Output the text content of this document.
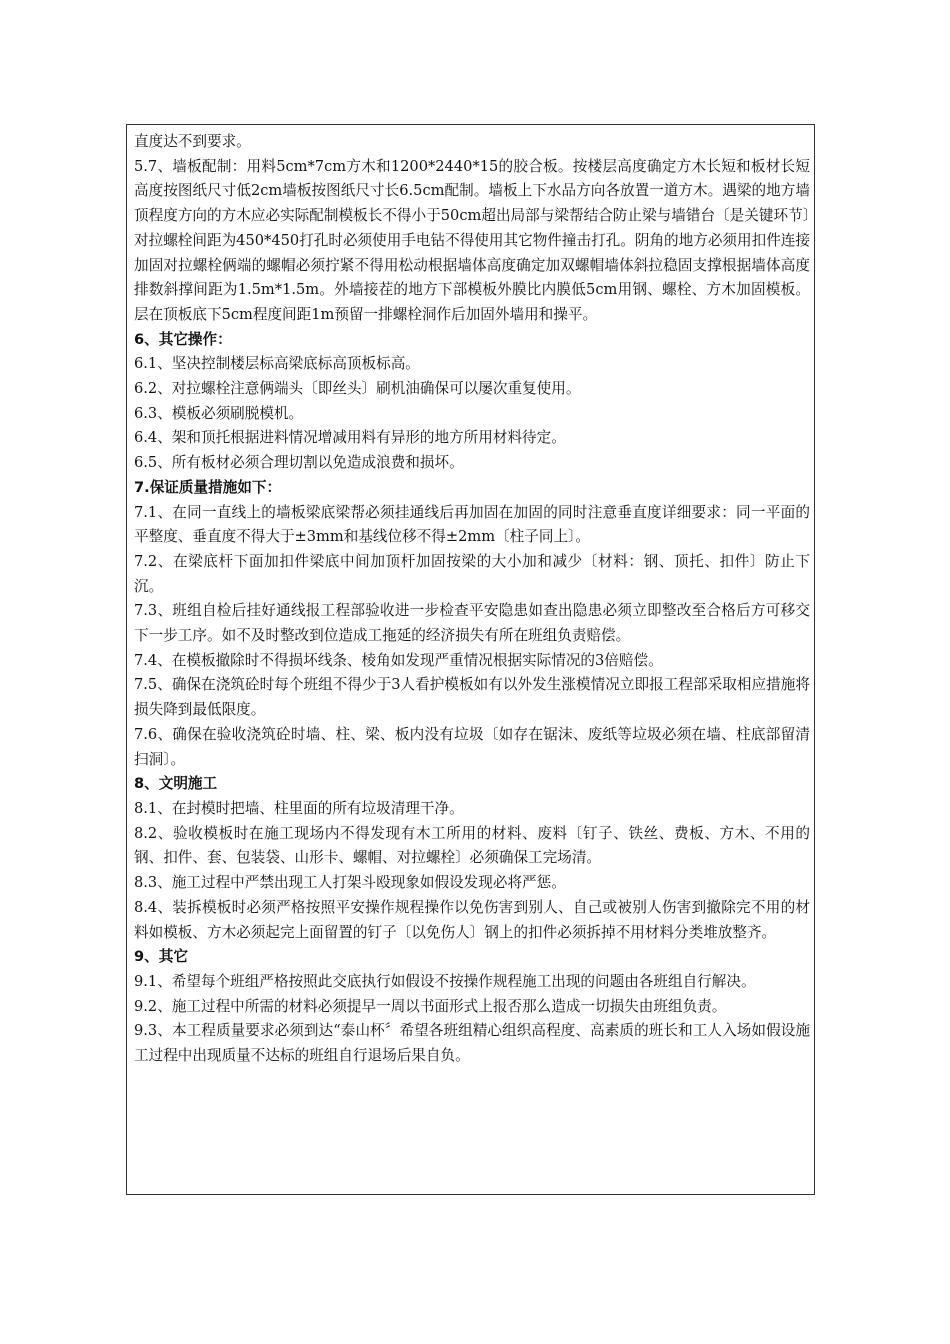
直度达不到要求。

5.7、墙板配制：用料5cm*7cm方木和1200*2440*15的胶合板。按楼层高度确定方木长短和板材长短高度按图纸尺寸低2cm墙板按图纸尺寸长6.5cm配制。墙板上下水品方向各放置一道方木。遇梁的地方墙顶程度方向的方木应必实际配制模板长不得小于50cm超出局部与梁帮结合防止梁与墙错台〔是关键环节〕对拉螺栓间距为450*450打孔时必须使用手电钻不得使用其它物件撞击打孔。阴角的地方必须用扣件连接加固对拉螺栓俩端的螺帽必须拧紧不得用松动根据墙体高度确定加双螺帽墙体斜拉稳固支撑根据墙体高度排数斜撑间距为1.5m*1.5m。外墙接茬的地方下部模板外膜比内膜低5cm用钢、螺栓、方木加固模板。层在顶板底下5cm程度间距1m预留一排螺栓洞作后加固外墙用和操平。

6、其它操作：

6.1、坚决控制楼层标高梁底标高顶板标高。

6.2、对拉螺栓注意俩端头〔即丝头〕刷机油确保可以屡次重复使用。

6.3、模板必须刷脱模机。

6.4、架和顶托根据进料情况增减用料有异形的地方所用材料待定。

6.5、所有板材必须合理切割以免造成浪费和损坏。

7.保证质量措施如下：

7.1、在同一直线上的墙板梁底梁帮必须挂通线后再加固在加固的同时注意垂直度详细要求：同一平面的平整度、垂直度不得大于±3mm和基线位移不得±2mm〔柱子同上〕。

7.2、在梁底杆下面加扣件梁底中间加顶杆加固按梁的大小加和减少〔材料：钢、顶托、扣件〕防止下沉。

7.3、班组自检后挂好通线报工程部验收进一步检查平安隐患如查出隐患必须立即整改至合格后方可移交下一步工序。如不及时整改到位造成工拖延的经济损失有所在班组负责赔偿。

7.4、在模板撤除时不得损坏线条、棱角如发现严重情况根据实际情况的3倍赔偿。

7.5、确保在浇筑砼时每个班组不得少于3人看护模板如有以外发生涨模情况立即报工程部采取相应措施将损失降到最低限度。

7.6、确保在验收浇筑砼时墙、柱、梁、板内没有垃圾〔如存在锯沫、废纸等垃圾必须在墙、柱底部留清扫洞〕。

8、文明施工

8.1、在封模时把墙、柱里面的所有垃圾清理干净。

8.2、验收模板时在施工现场内不得发现有木工所用的材料、废料〔钉子、铁丝、费板、方木、不用的钢、扣件、套、包装袋、山形卡、螺帽、对拉螺栓〕必须确保工完场清。

8.3、施工过程中严禁出现工人打架斗殴现象如假设发现必将严惩。

8.4、装拆模板时必须严格按照平安操作规程操作以免伤害到别人、自己或被别人伤害到撤除完不用的材料如模板、方木必须起完上面留置的钉子〔以免伤人〕钢上的扣件必须拆掉不用材料分类堆放整齐。

9、其它

9.1、希望每个班组严格按照此交底执行如假设不按操作规程施工出现的问题由各班组自行解决。

9.2、施工过程中所需的材料必须提早一周以书面形式上报否那么造成一切损失由班组负责。

9.3、本工程质量要求必须到达“泰山杯〞希望各班组精心组织高程度、高素质的班长和工人入场如假设施工过程中出现质量不达标的班组自行退场后果自负。
